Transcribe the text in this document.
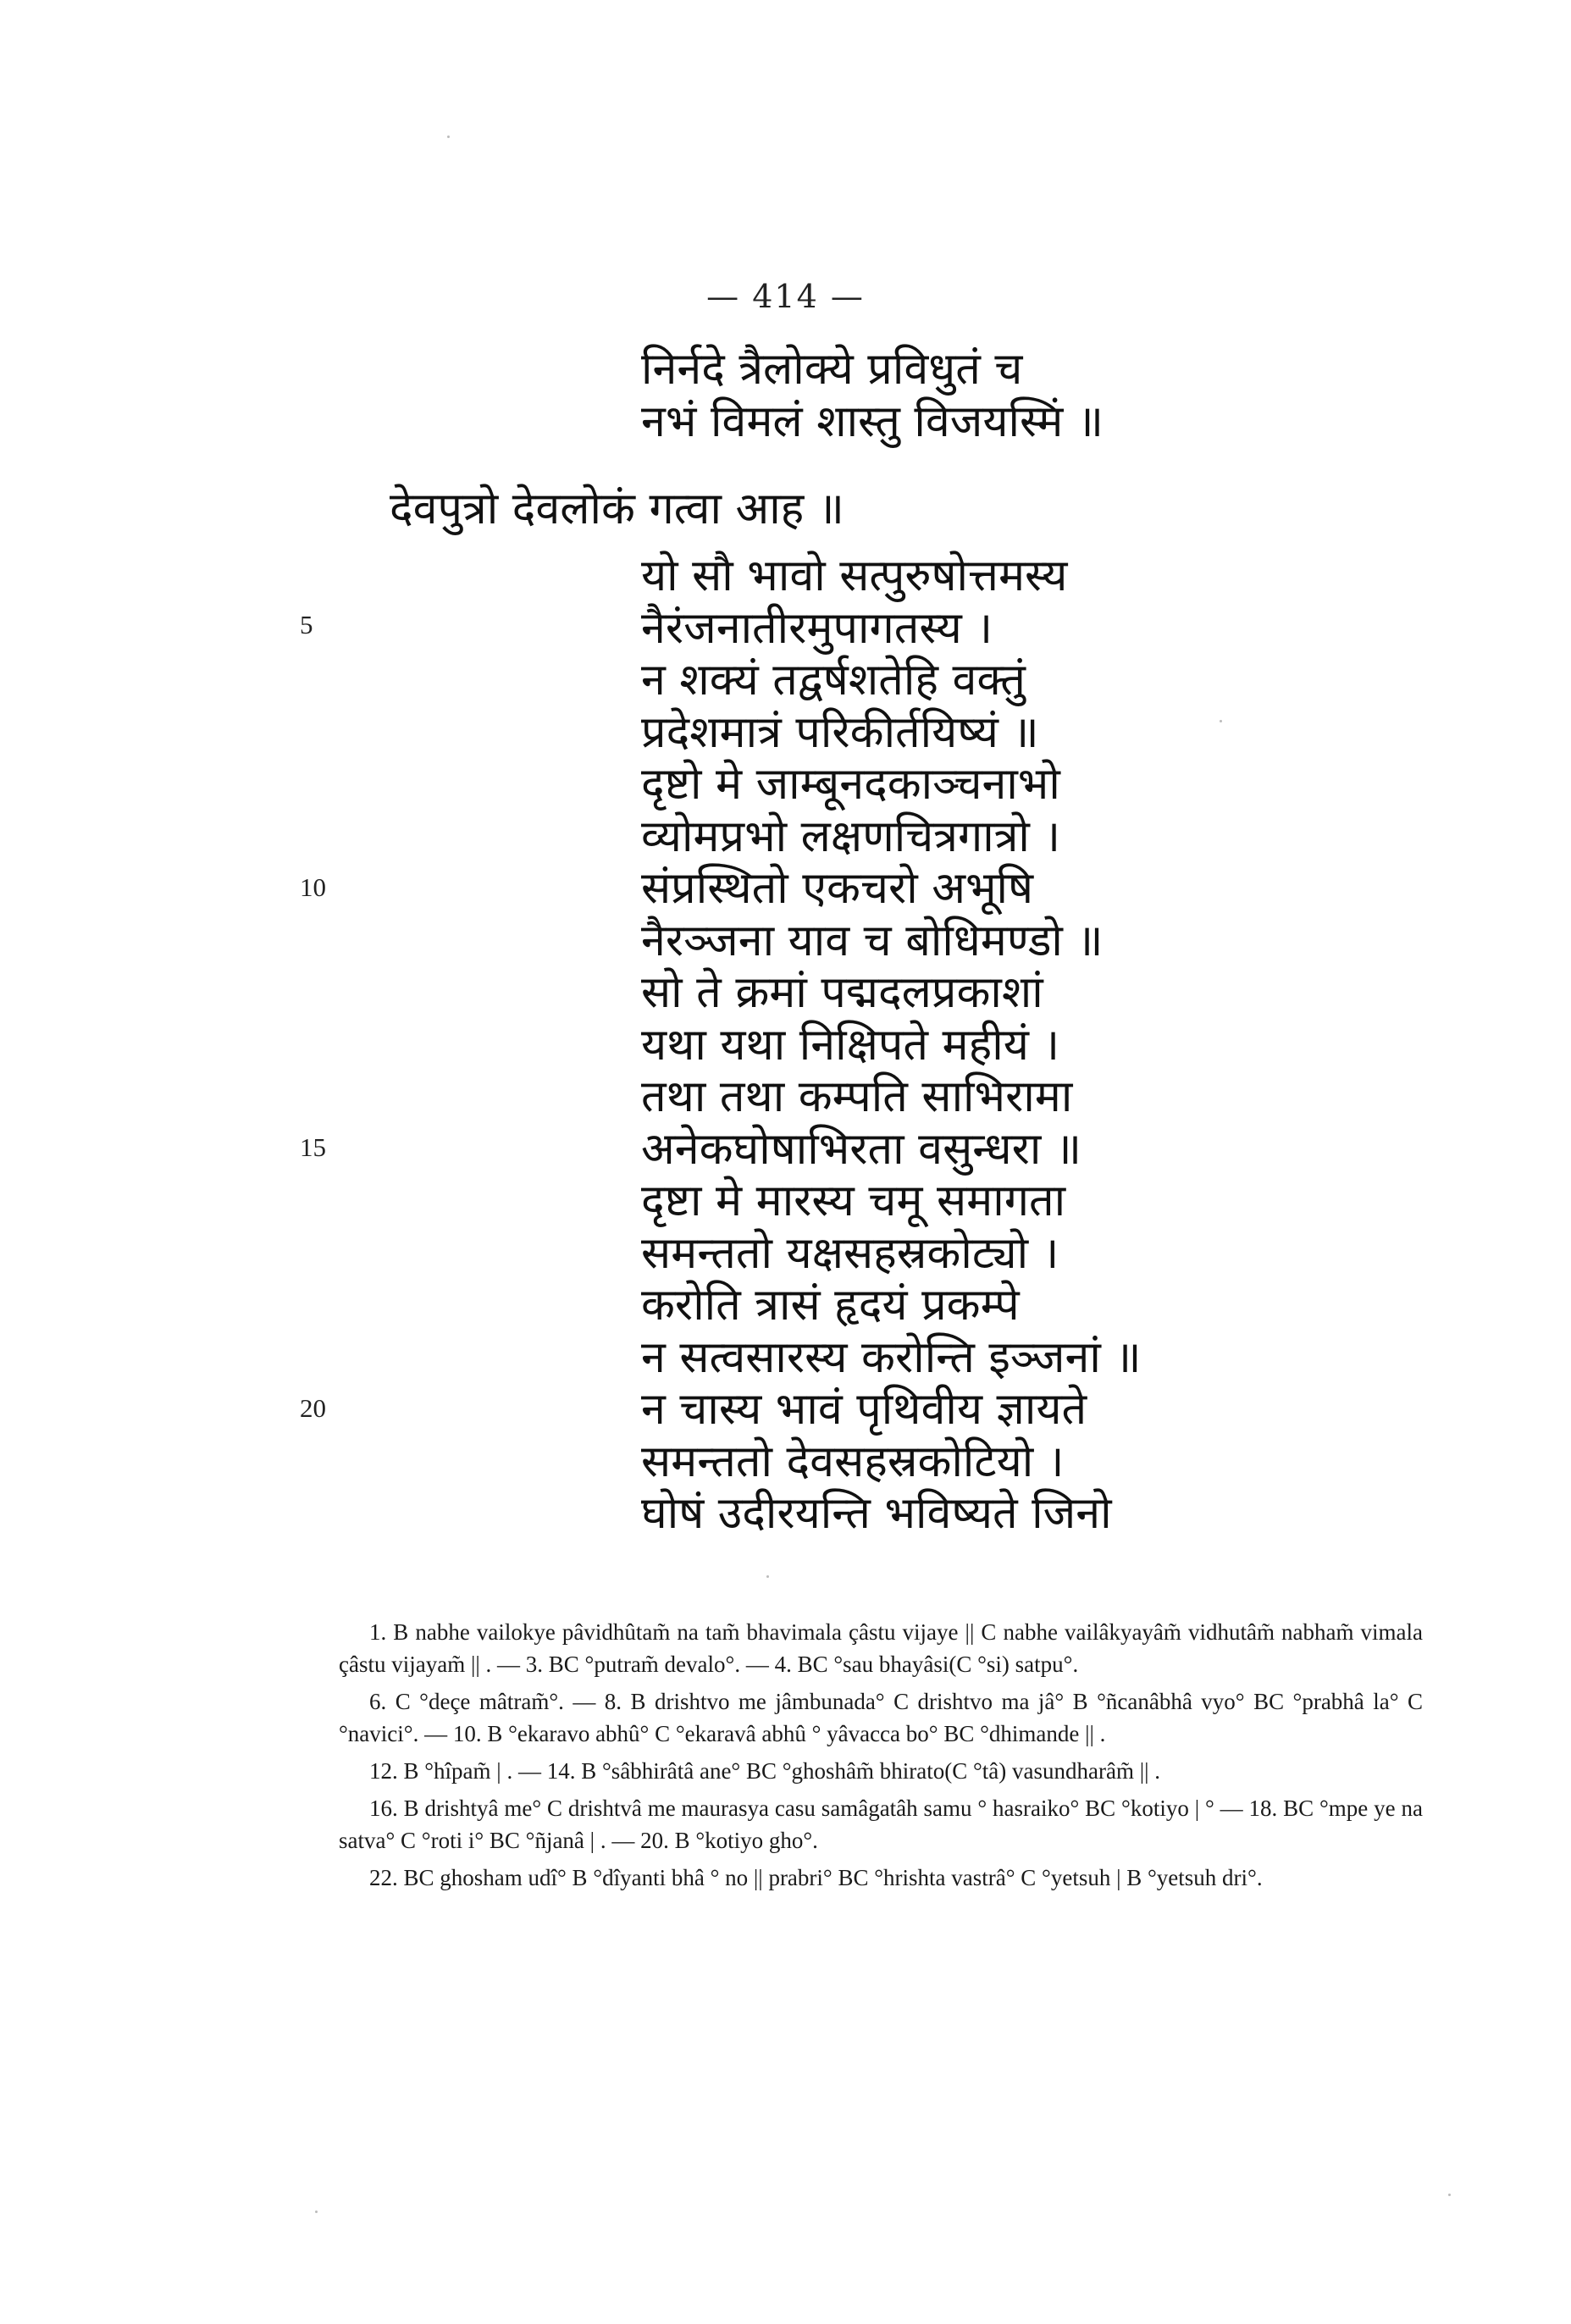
— 414 —
निर्नदे त्रैलोक्ये प्रविधुतं च
नभं विमलं शास्तु विजयस्मिं ॥
देवपुत्रो देवलोकं गत्वा आह ॥
यो सौ भावो सत्पुरुषोत्तमस्य
नैरंजनातीरमुपागतस्य ।
न शक्यं तद्वर्षशतेहि वक्तुं
प्रदेशमात्रं परिकीर्तयिष्यं ॥
दृष्टो मे जाम्बूनदकाञ्चनाभो
व्योमप्रभो लक्षणचित्रगात्रो ।
संप्रस्थितो एकचरो अभूषि
नैरञ्जना याव च बोधिमण्डो ॥
सो ते क्रमां पद्मदलप्रकाशां
यथा यथा निक्षिपते महीयं ।
तथा तथा कम्पति साभिरामा
अनेकघोषाभिरता वसुन्धरा ॥
दृष्टा मे मारस्य चमू समागता
समन्ततो यक्षसहस्रकोट्यो ।
करोति त्रासं हृदयं प्रकम्पे
न सत्वसारस्य करोन्ति इञ्जनां ॥
न चास्य भावं पृथिवीय ज्ञायते
समन्ततो देवसहस्रकोटियो ।
घोषं उदीरयन्ति भविष्यते जिनो
5
10
15
20

1. B nabhe vailokye pâvidhûtam̃ na tam̃ bhavimala çâstu vijaye || C nabhe vailâkyayâm̃ vidhutâm̃ nabham̃ vimala çâstu vijayam̃ || . — 3. BC °putram̃ devalo°. — 4. BC °sau bhayâsi(C °si) satpu°.

6. C °deçe mâtram̃°. — 8. B drishtvo me jâmbunada° C drishtvo ma jâ° B °ñcanâbhâ vyo° BC °prabhâ la° C °navici°. — 10. B °ekaravo abhû° C °ekaravâ abhû ° yâvacca bo° BC °dhimande || .

12. B °hîpam̃ | . — 14. B °sâbhirâtâ ane° BC °ghoshâm̃ bhirato(C °tâ) vasundharâm̃ || .

16. B drishtyâ me° C drishtvâ me maurasya casu samâgatâh samu ° hasraiko° BC °kotiyo | ° — 18. BC °mpe ye na satva° C °roti i° BC °ñjanâ | . — 20. B °kotiyo gho°.

22. BC ghosham udî° B °dîyanti bhâ ° no || prabri° BC °hrishta vastrâ° C °yetsuh | B °yetsuh dri°.
